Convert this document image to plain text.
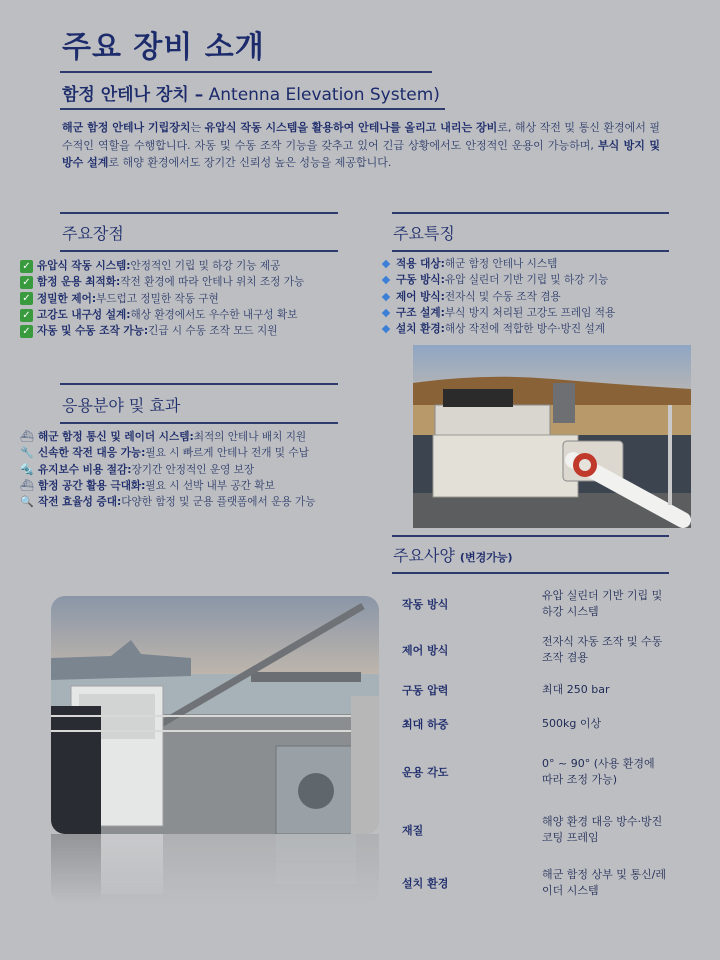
주요 장비 소개
함정 안테나 장치 – Antenna Elevation System)
해군 함정 안테나 기립장치는 유압식 작동 시스템을 활용하여 안테나를 올리고 내리는 장비로, 해상 작전 및 통신 환경에서 필수적인 역할을 수행합니다. 자동 및 수동 조작 기능을 갖추고 있어 긴급 상황에서도 안정적인 운용이 가능하며, 부식 방지 및 방수 설계로 해양 환경에서도 장기간 신뢰성 높은 성능을 제공합니다.
주요장점
✓ 유압식 작동 시스템: 안정적인 기립 및 하강 기능 제공
✓ 함정 운용 최적화: 작전 환경에 따라 안테나 위치 조정 가능
✓ 정밀한 제어: 부드럽고 정밀한 작동 구현
✓ 고강도 내구성 설계: 해상 환경에서도 우수한 내구성 확보
✓ 자동 및 수동 조작 가능: 긴급 시 수동 조작 모드 지원
주요특징
적용 대상: 해군 함정 안테나 시스템
구동 방식: 유압 실린더 기반 기립 및 하강 기능
제어 방식: 전자식 및 수동 조작 겸용
구조 설계: 부식 방지 처리된 고강도 프레임 적용
설치 환경: 해상 작전에 적합한 방수·방진 설계
응용분야 및 효과
⛴ 해군 함정 통신 및 레이더 시스템: 최적의 안테나 배치 지원
🔧 신속한 작전 대응 가능: 필요 시 빠르게 안테나 전개 및 수납
🔩 유지보수 비용 절감: 장기간 안정적인 운영 보장
⛴ 함정 공간 활용 극대화: 필요 시 선박 내부 공간 확보
🔍 작전 효율성 증대: 다양한 함정 및 군용 플랫폼에서 운용 가능
주요사양 (변경가능)
작동 방식	유압 실린더 기반 기립 및 하강 시스템
제어 방식	전자식 자동 조작 및 수동 조작 겸용
구동 압력	최대 250 bar
최대 하중	500kg 이상
운용 각도	0° ~ 90° (사용 환경에 따라 조정 가능)
재질	해양 환경 대응 방수·방진 코팅 프레임
설치 환경	해군 함정 상부 및 통신/레이더 시스템
